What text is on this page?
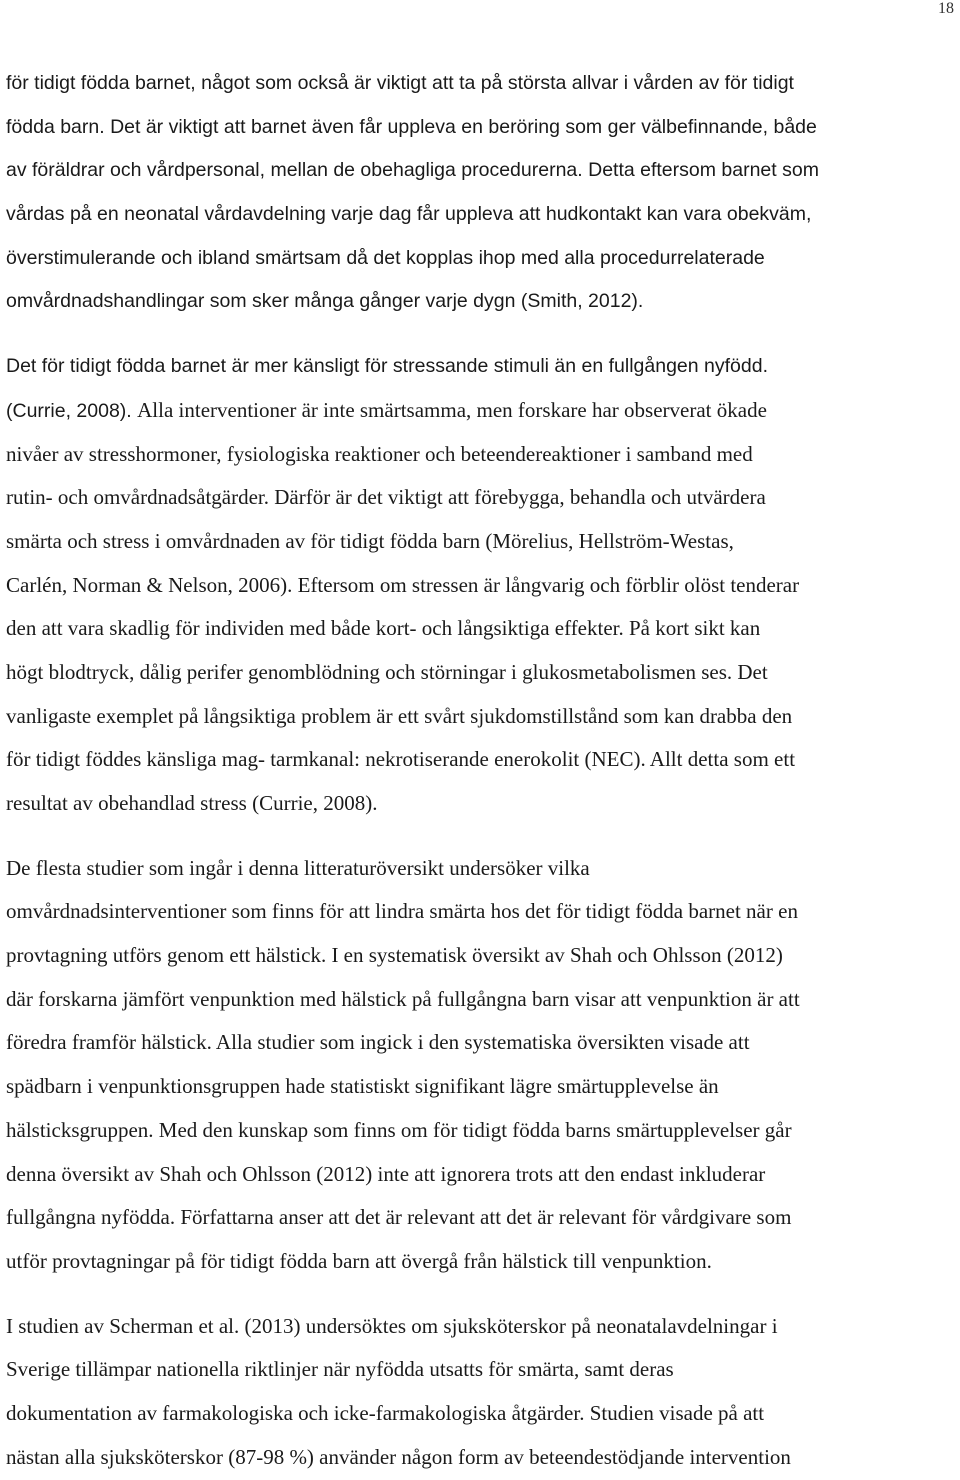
18
för tidigt födda barnet, något som också är viktigt att ta på största allvar i vården av för tidigt
födda barn. Det är viktigt att barnet även får uppleva en beröring som ger välbefinnande, både
av föräldrar och vårdpersonal, mellan de obehagliga procedurerna. Detta eftersom barnet som
vårdas på en neonatal vårdavdelning varje dag får uppleva att hudkontakt kan vara obekväm,
överstimulerande och ibland smärtsam då det kopplas ihop med alla procedurrelaterade
omvårdnadshandlingar som sker många gånger varje dygn (Smith, 2012).
Det för tidigt födda barnet är mer känsligt för stressande stimuli än en fullgången nyfödd.
(Currie, 2008). Alla interventioner är inte smärtsamma, men forskare har observerat ökade
nivåer av stresshormoner, fysiologiska reaktioner och beteendereaktioner i samband med
rutin- och omvårdnadsåtgärder. Därför är det viktigt att förebygga, behandla och utvärdera
smärta och stress i omvårdnaden av för tidigt födda barn (Mörelius, Hellström-Westas,
Carlén, Norman & Nelson, 2006). Eftersom om stressen är långvarig och förblir olöst tenderar
den att vara skadlig för individen med både kort- och långsiktiga effekter. På kort sikt kan
högt blodtryck, dålig perifer genomblödning och störningar i glukosmetabolismen ses. Det
vanligaste exemplet på långsiktiga problem är ett svårt sjukdomstillstånd som kan drabba den
för tidigt föddes känsliga mag- tarmkanal: nekrotiserande enerokolit (NEC). Allt detta som ett
resultat av obehandlad stress (Currie, 2008).
De flesta studier som ingår i denna litteraturöversikt undersöker vilka
omvårdnadsinterventioner som finns för att lindra smärta hos det för tidigt födda barnet när en
provtagning utförs genom ett hälstick. I en systematisk översikt av Shah och Ohlsson (2012)
där forskarna jämfört venpunktion med hälstick på fullgångna barn visar att venpunktion är att
föredra framför hälstick. Alla studier som ingick i den systematiska översikten visade att
spädbarn i venpunktionsgruppen hade statistiskt signifikant lägre smärtupplevelse än
hälsticksgruppen. Med den kunskap som finns om för tidigt födda barns smärtupplevelser går
denna översikt av Shah och Ohlsson (2012) inte att ignorera trots att den endast inkluderar
fullgångna nyfödda. Författarna anser att det är relevant att det är relevant för vårdgivare som
utför provtagningar på för tidigt födda barn att övergå från hälstick till venpunktion.
I studien av Scherman et al. (2013) undersöktes om sjuksköterskor på neonatalavdelningar i
Sverige tillämpar nationella riktlinjer när nyfödda utsatts för smärta, samt deras
dokumentation av farmakologiska och icke-farmakologiska åtgärder. Studien visade på att
nästan alla sjuksköterskor (87-98 %) använder någon form av beteendestödjande intervention
